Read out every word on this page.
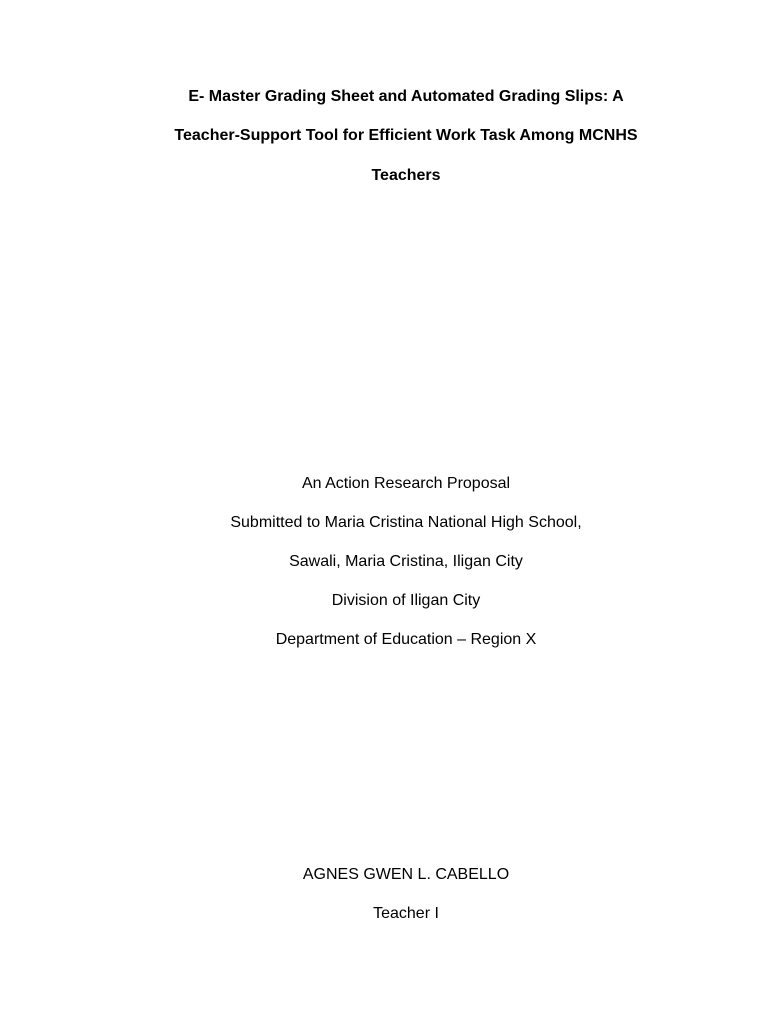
E- Master Grading Sheet and Automated Grading Slips: A
Teacher-Support Tool for Efficient Work Task Among MCNHS
Teachers
An Action Research Proposal
Submitted to Maria Cristina National High School,
Sawali, Maria Cristina, Iligan City
Division of Iligan City
Department of Education – Region X
AGNES GWEN L. CABELLO
Teacher I
